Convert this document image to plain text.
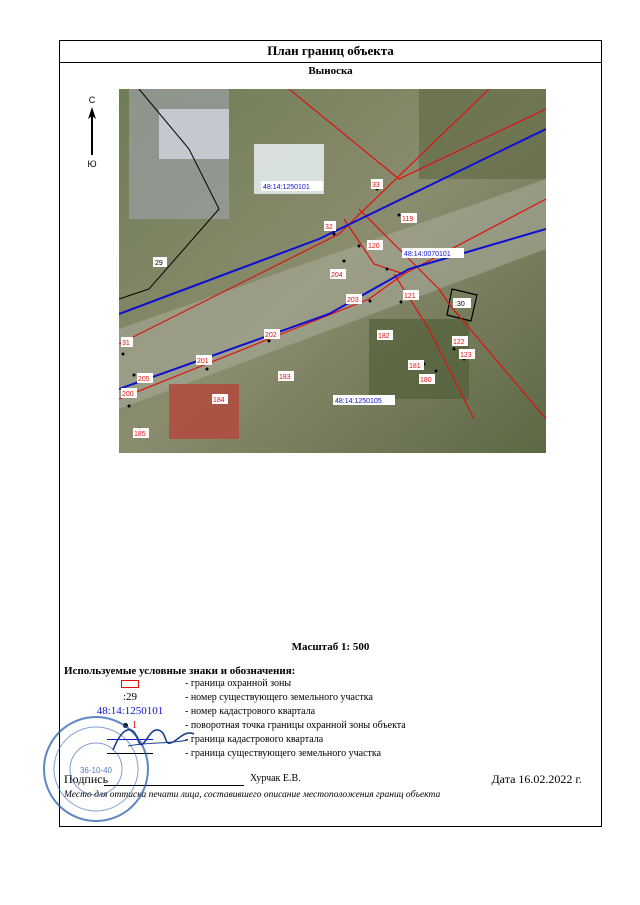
План границ объекта
Выноска
С
Ю
48:14:1250101
48:14:0070101
48:14:1250105
29
:30
31
32
33
119
120
121
122
123
180
181
182
183
184
185
200
201
202
203
204
205
Масштаб 1: 500
Используемые условные знаки и обозначения:
- граница охранной зоны
:29	- номер существующего земельного участка
48:14:1250101	- номер кадастрового квартала
1	- поворотная точка границы охранной зоны объекта
- граница кадастрового квартала
- граница существующего земельного участка
Подпись	Хурчак Е.В.	Дата 16.02.2022 г.
Место для оттиска печати лица, составившего описание местоположения границ объекта
36-10-40
